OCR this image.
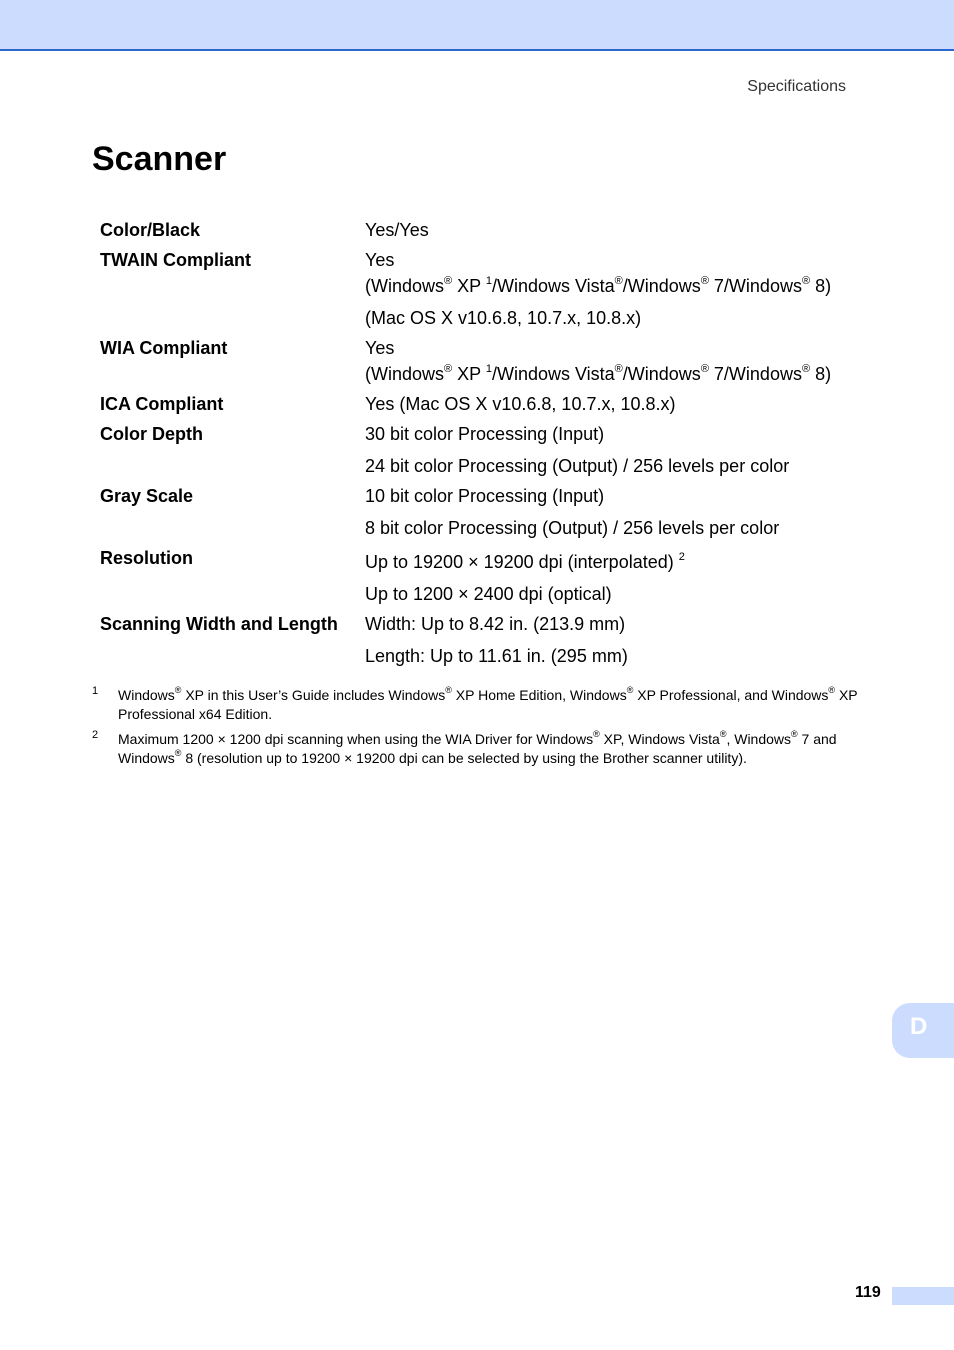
Specifications
Scanner
Color/Black	Yes/Yes

TWAIN Compliant	Yes
(Windows® XP $^1$/Windows Vista®/Windows® 7/Windows® 8)
(Mac OS X v10.6.8, 10.7.x, 10.8.x)

WIA Compliant	Yes
(Windows® XP $^1$/Windows Vista®/Windows® 7/Windows® 8)

ICA Compliant	Yes (Mac OS X v10.6.8, 10.7.x, 10.8.x)

Color Depth	30 bit color Processing (Input)
24 bit color Processing (Output) / 256 levels per color

Gray Scale	10 bit color Processing (Input)
8 bit color Processing (Output) / 256 levels per color

Resolution	Up to 19200 × 19200 dpi (interpolated) $^2$
Up to 1200 × 2400 dpi (optical)

Scanning Width and Length	Width: Up to 8.42 in. (213.9 mm)
Length: Up to 11.61 in. (295 mm)
1 Windows® XP in this User’s Guide includes Windows® XP Home Edition, Windows® XP Professional, and Windows® XP Professional x64 Edition.
2 Maximum 1200 × 1200 dpi scanning when using the WIA Driver for Windows® XP, Windows Vista®, Windows® 7 and Windows® 8 (resolution up to 19200 × 19200 dpi can be selected by using the Brother scanner utility).
D
119
